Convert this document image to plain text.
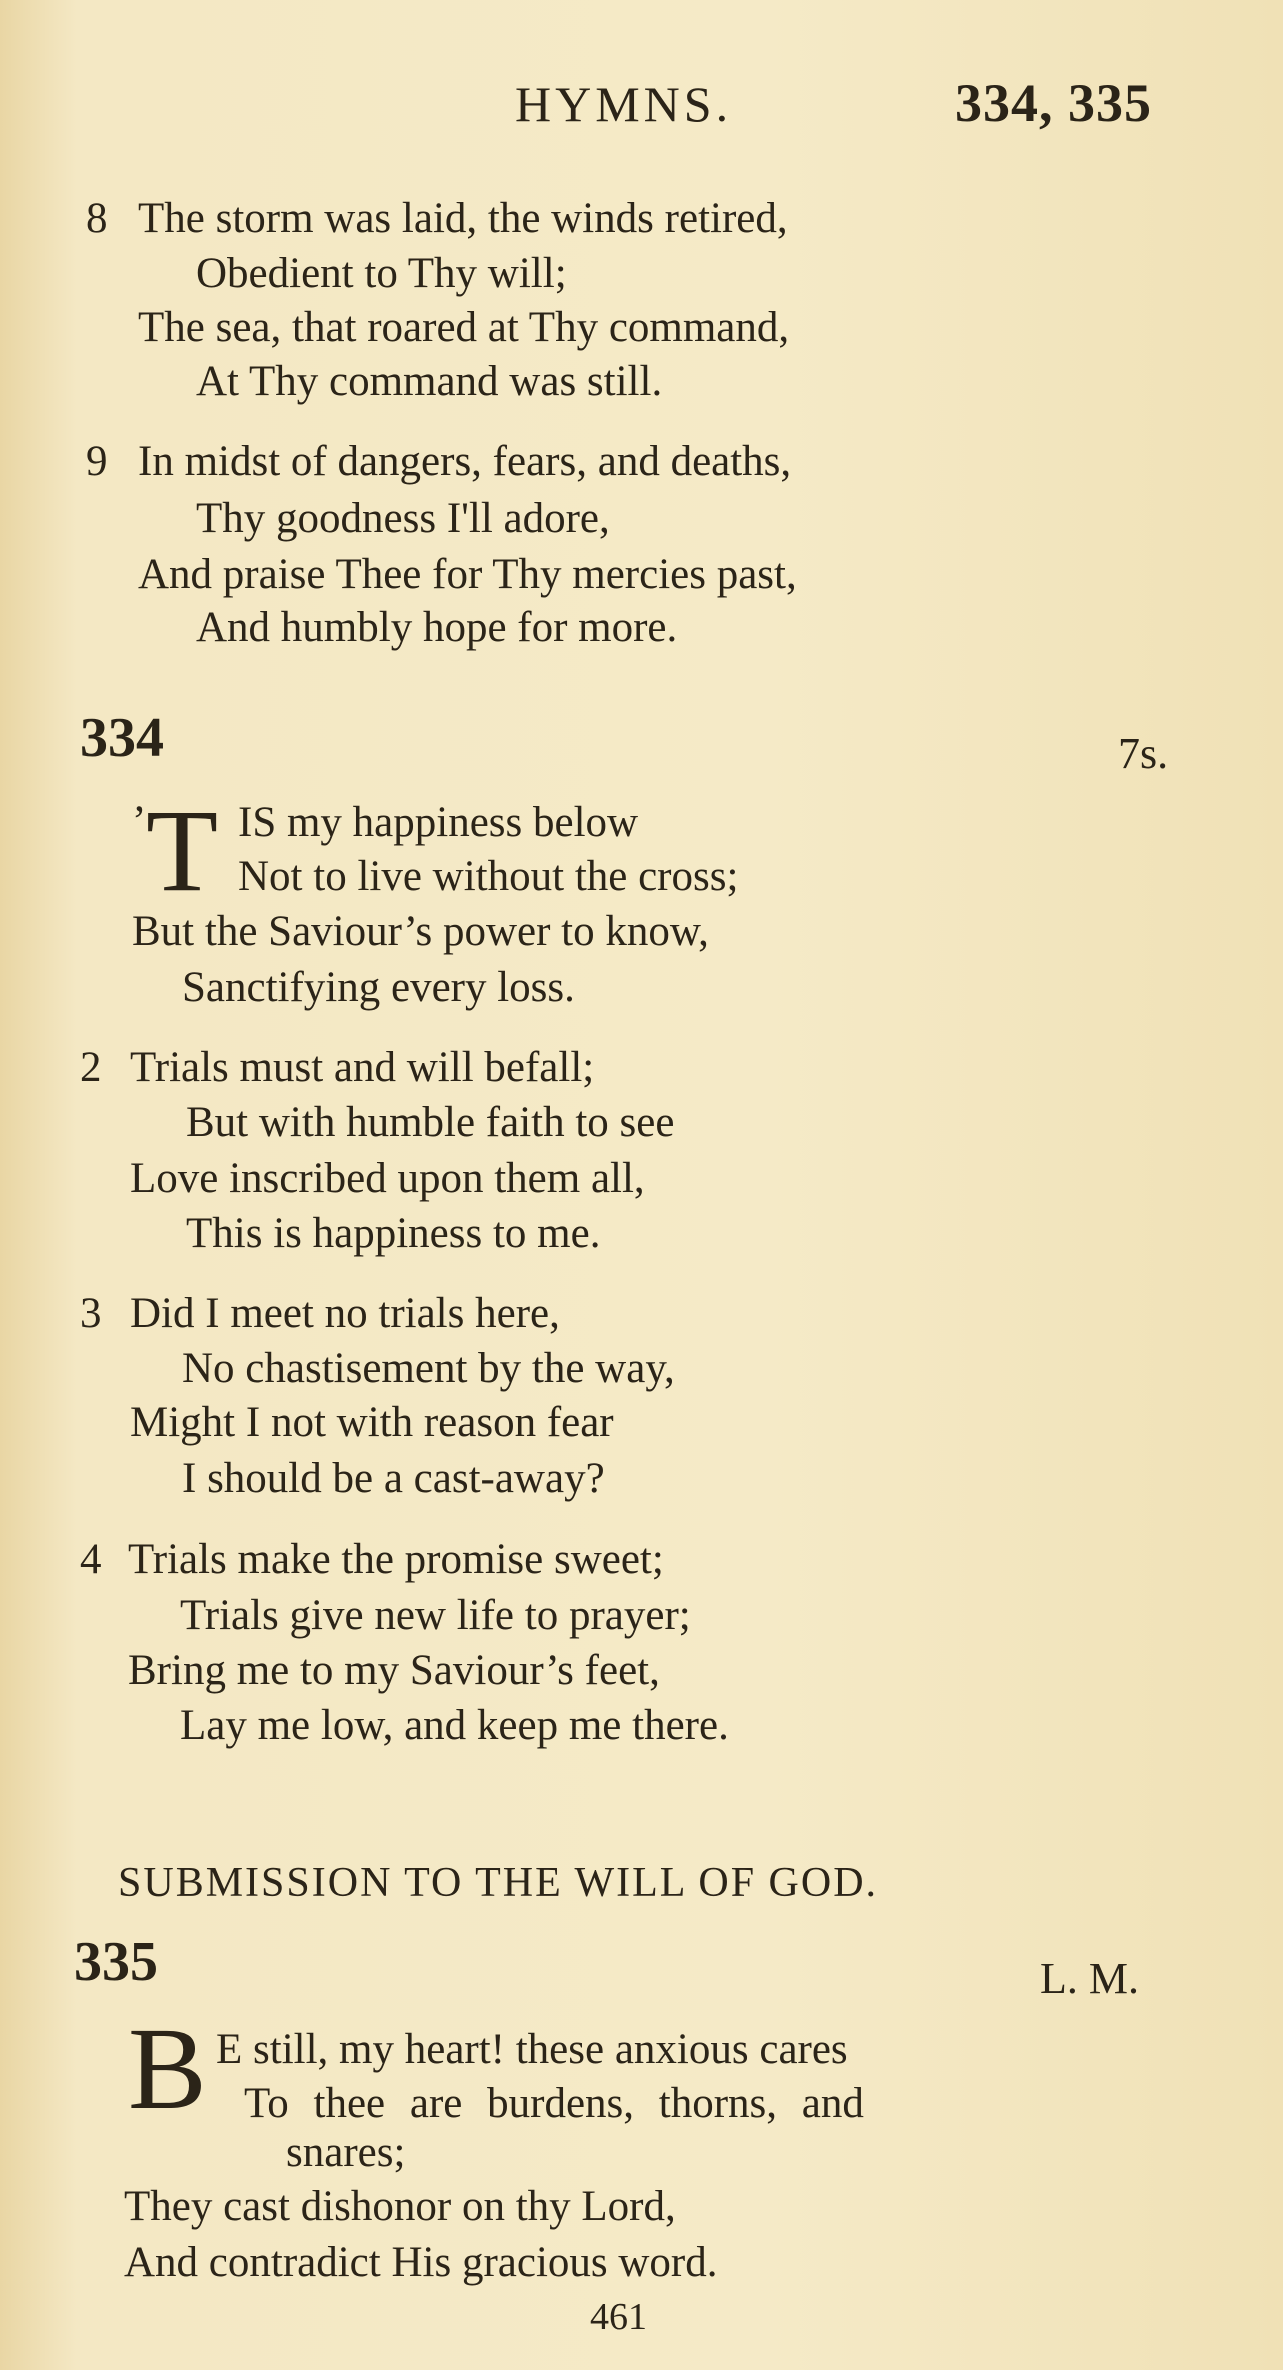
HYMNS.	334, 335
8 The storm was laid, the winds retired,
Obedient to Thy will;
The sea, that roared at Thy command,
At Thy command was still.
9 In midst of dangers, fears, and deaths,
Thy goodness I'll adore,
And praise Thee for Thy mercies past,
And humbly hope for more.
334	7s.
’ T IS my happiness below
Not to live without the cross;
But the Saviour’s power to know,
Sanctifying every loss.
2 Trials must and will befall;
But with humble faith to see
Love inscribed upon them all,
This is happiness to me.
3 Did I meet no trials here,
No chastisement by the way,
Might I not with reason fear
I should be a cast-away?
4 Trials make the promise sweet;
Trials give new life to prayer;
Bring me to my Saviour’s feet,
Lay me low, and keep me there.
SUBMISSION TO THE WILL OF GOD.
335	L. M.
B E still, my heart! these anxious cares
To thee are burdens, thorns, and
snares;
They cast dishonor on thy Lord,
And contradict His gracious word.
461
